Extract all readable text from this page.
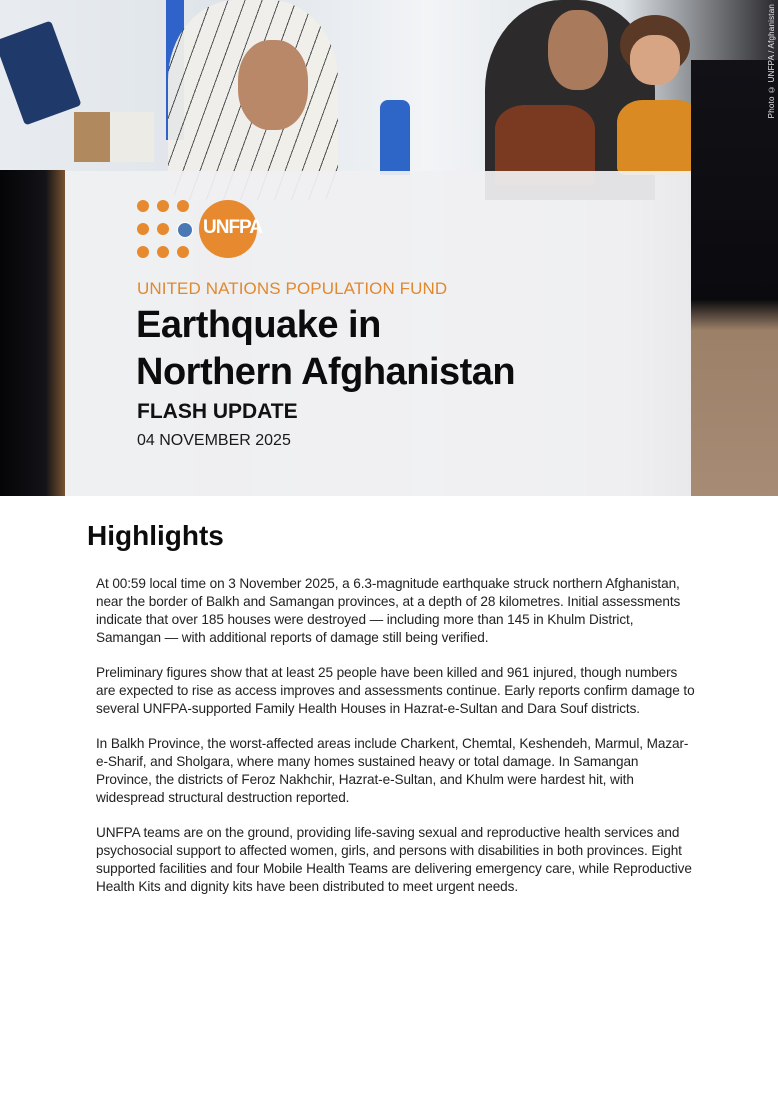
Photo © UNFPA / Afghanistan
UNFPA
UNITED NATIONS POPULATION FUND
Earthquake in
Northern Afghanistan
FLASH UPDATE
04 NOVEMBER 2025
Highlights

At 00:59 local time on 3 November 2025, a 6.3-magnitude earthquake struck northern Afghanistan, near the border of Balkh and Samangan provinces, at a depth of 28 kilometres. Initial assessments indicate that over 185 houses were destroyed — including more than 145 in Khulm District, Samangan — with additional reports of damage still being verified.

Preliminary figures show that at least 25 people have been killed and 961 injured, though numbers are expected to rise as access improves and assessments continue. Early reports confirm damage to several UNFPA-supported Family Health Houses in Hazrat-e-Sultan and Dara Souf districts.

In Balkh Province, the worst-affected areas include Charkent, Chemtal, Keshendeh, Marmul, Mazar-e-Sharif, and Sholgara, where many homes sustained heavy or total damage. In Samangan Province, the districts of Feroz Nakhchir, Hazrat-e-Sultan, and Khulm were hardest hit, with widespread structural destruction reported.

UNFPA teams are on the ground, providing life-saving sexual and reproductive health services and psychosocial support to affected women, girls, and persons with disabilities in both provinces. Eight supported facilities and four Mobile Health Teams are delivering emergency care, while Reproductive Health Kits and dignity kits have been distributed to meet urgent needs.
